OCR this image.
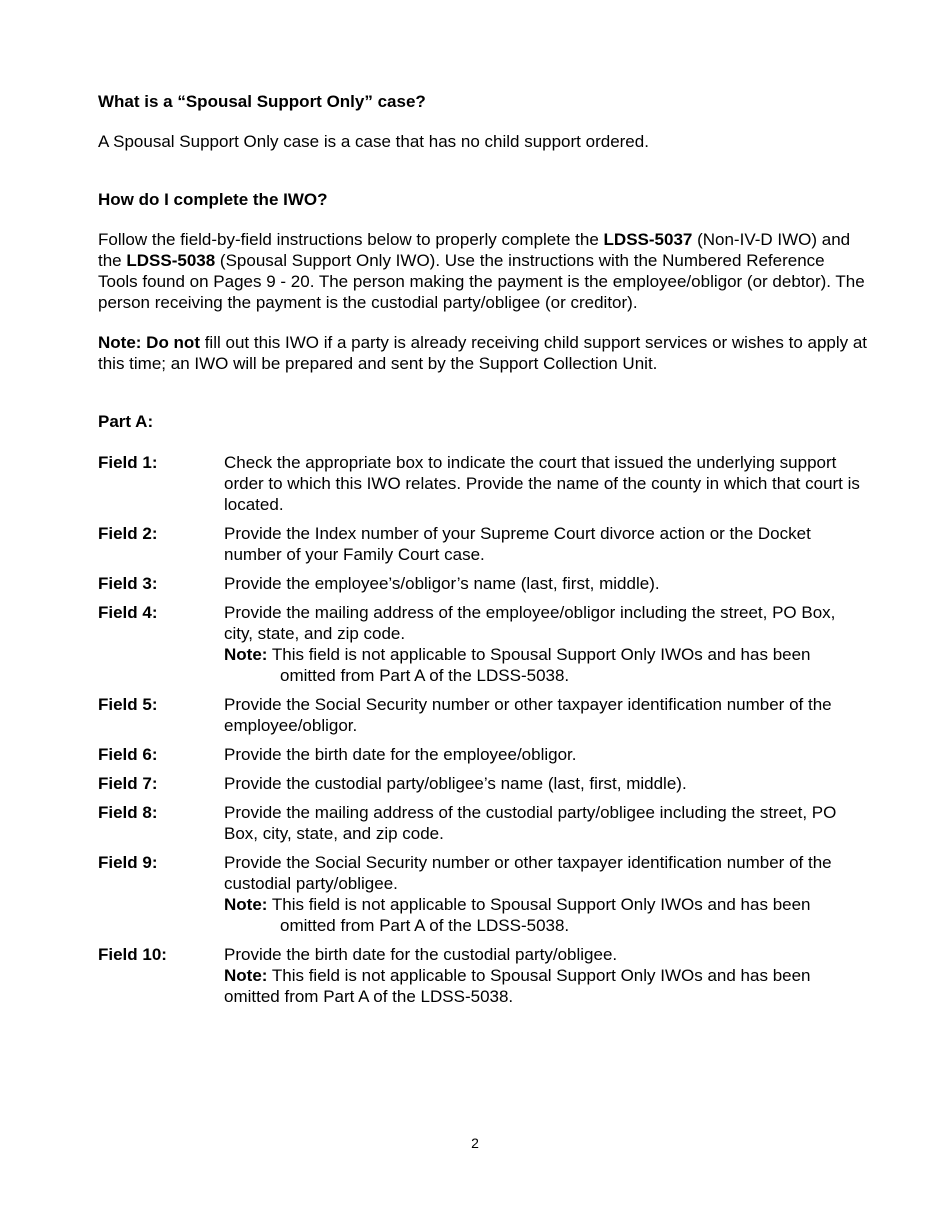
What is a “Spousal Support Only” case?

A Spousal Support Only case is a case that has no child support ordered.

How do I complete the IWO?

Follow the field-by-field instructions below to properly complete the LDSS-5037 (Non-IV-D IWO) and the LDSS-5038 (Spousal Support Only IWO). Use the instructions with the Numbered Reference Tools found on Pages 9 - 20. The person making the payment is the employee/obligor (or debtor). The person receiving the payment is the custodial party/obligee (or creditor).

Note: Do not fill out this IWO if a party is already receiving child support services or wishes to apply at this time; an IWO will be prepared and sent by the Support Collection Unit.

Part A:

Field 1:	Check the appropriate box to indicate the court that issued the underlying support order to which this IWO relates. Provide the name of the county in which that court is located.
Field 2:	Provide the Index number of your Supreme Court divorce action or the Docket number of your Family Court case.
Field 3:	Provide the employee’s/obligor’s name (last, first, middle).
Field 4:	Provide the mailing address of the employee/obligor including the street, PO Box, city, state, and zip code.
Note: This field is not applicable to Spousal Support Only IWOs and has been omitted from Part A of the LDSS-5038.
Field 5:	Provide the Social Security number or other taxpayer identification number of the employee/obligor.
Field 6:	Provide the birth date for the employee/obligor.
Field 7:	Provide the custodial party/obligee’s name (last, first, middle).
Field 8:	Provide the mailing address of the custodial party/obligee including the street, PO Box, city, state, and zip code.
Field 9:	Provide the Social Security number or other taxpayer identification number of the custodial party/obligee.
Note: This field is not applicable to Spousal Support Only IWOs and has been omitted from Part A of the LDSS-5038.
Field 10:	Provide the birth date for the custodial party/obligee.
Note: This field is not applicable to Spousal Support Only IWOs and has been omitted from Part A of the LDSS-5038.
2
